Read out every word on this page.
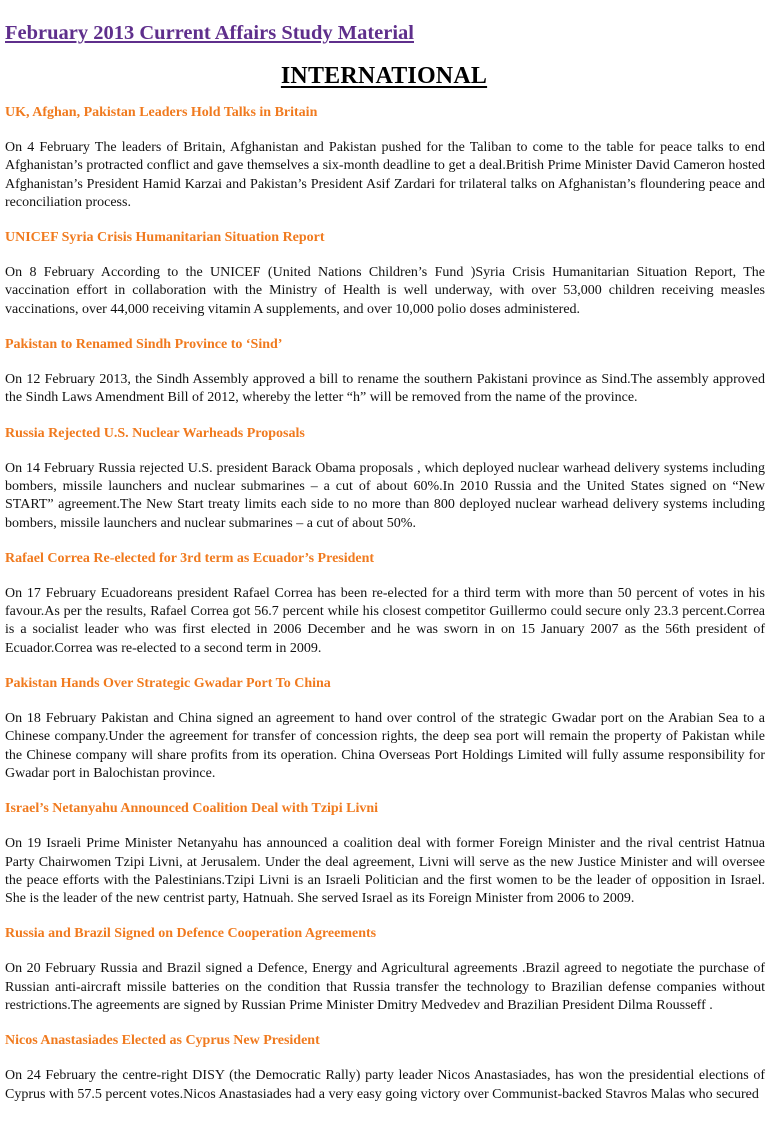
February 2013 Current Affairs Study Material
INTERNATIONAL

UK, Afghan, Pakistan Leaders Hold Talks in Britain

On 4 February The leaders of Britain, Afghanistan and Pakistan pushed for the Taliban to come to the table for peace talks to end Afghanistan’s protracted conflict and gave themselves a six-month deadline to get a deal.British Prime Minister David Cameron hosted Afghanistan’s President Hamid Karzai and Pakistan’s President Asif Zardari for trilateral talks on Afghanistan’s floundering peace and reconciliation process.

UNICEF Syria Crisis Humanitarian Situation Report

On 8 February According to the UNICEF (United Nations Children’s Fund )Syria Crisis Humanitarian Situation Report, The vaccination effort in collaboration with the Ministry of Health is well underway, with over 53,000 children receiving measles vaccinations, over 44,000 receiving vitamin A supplements, and over 10,000 polio doses administered.

Pakistan to Renamed Sindh Province to ‘Sind’

On 12 February 2013, the Sindh Assembly approved a bill to rename the southern Pakistani province as Sind.The assembly approved the Sindh Laws Amendment Bill of 2012, whereby the letter “h” will be removed from the name of the province.

Russia Rejected U.S. Nuclear Warheads Proposals

On 14 February Russia rejected U.S. president Barack Obama proposals , which deployed nuclear warhead delivery systems including bombers, missile launchers and nuclear submarines – a cut of about 60%.In 2010 Russia and the United States signed on “New START” agreement.The New Start treaty limits each side to no more than 800 deployed nuclear warhead delivery systems including bombers, missile launchers and nuclear submarines – a cut of about 50%.

Rafael Correa Re-elected for 3rd term as Ecuador’s President

On 17 February Ecuadoreans president Rafael Correa has been re-elected for a third term with more than 50 percent of votes in his favour.As per the results, Rafael Correa got 56.7 percent while his closest competitor Guillermo could secure only 23.3 percent.Correa is a socialist leader who was first elected in 2006 December and he was sworn in on 15 January 2007 as the 56th president of Ecuador.Correa was re-elected to a second term in 2009.

Pakistan Hands Over Strategic Gwadar Port To China

On 18 February Pakistan and China signed an agreement to hand over control of the strategic Gwadar port on the Arabian Sea to a Chinese company.Under the agreement for transfer of concession rights, the deep sea port will remain the property of Pakistan while the Chinese company will share profits from its operation. China Overseas Port Holdings Limited will fully assume responsibility for Gwadar port in Balochistan province.

Israel’s Netanyahu Announced Coalition Deal with Tzipi Livni

On 19 Israeli Prime Minister Netanyahu has announced a coalition deal with former Foreign Minister and the rival centrist Hatnua Party Chairwomen Tzipi Livni, at Jerusalem. Under the deal agreement, Livni will serve as the new Justice Minister and will oversee the peace efforts with the Palestinians.Tzipi Livni is an Israeli Politician and the first women to be the leader of opposition in Israel. She is the leader of the new centrist party, Hatnuah. She served Israel as its Foreign Minister from 2006 to 2009.

Russia and Brazil Signed on Defence Cooperation Agreements

On 20 February Russia and Brazil signed a Defence, Energy and Agricultural agreements .Brazil agreed to negotiate the purchase of Russian anti-aircraft missile batteries on the condition that Russia transfer the technology to Brazilian defense companies without restrictions.The agreements are signed by Russian Prime Minister Dmitry Medvedev and Brazilian President Dilma Rousseff .

Nicos Anastasiades Elected as Cyprus New President

On 24 February the centre-right DISY (the Democratic Rally) party leader Nicos Anastasiades, has won the presidential elections of Cyprus with 57.5 percent votes.Nicos Anastasiades had a very easy going victory over Communist-backed Stavros Malas who secured
